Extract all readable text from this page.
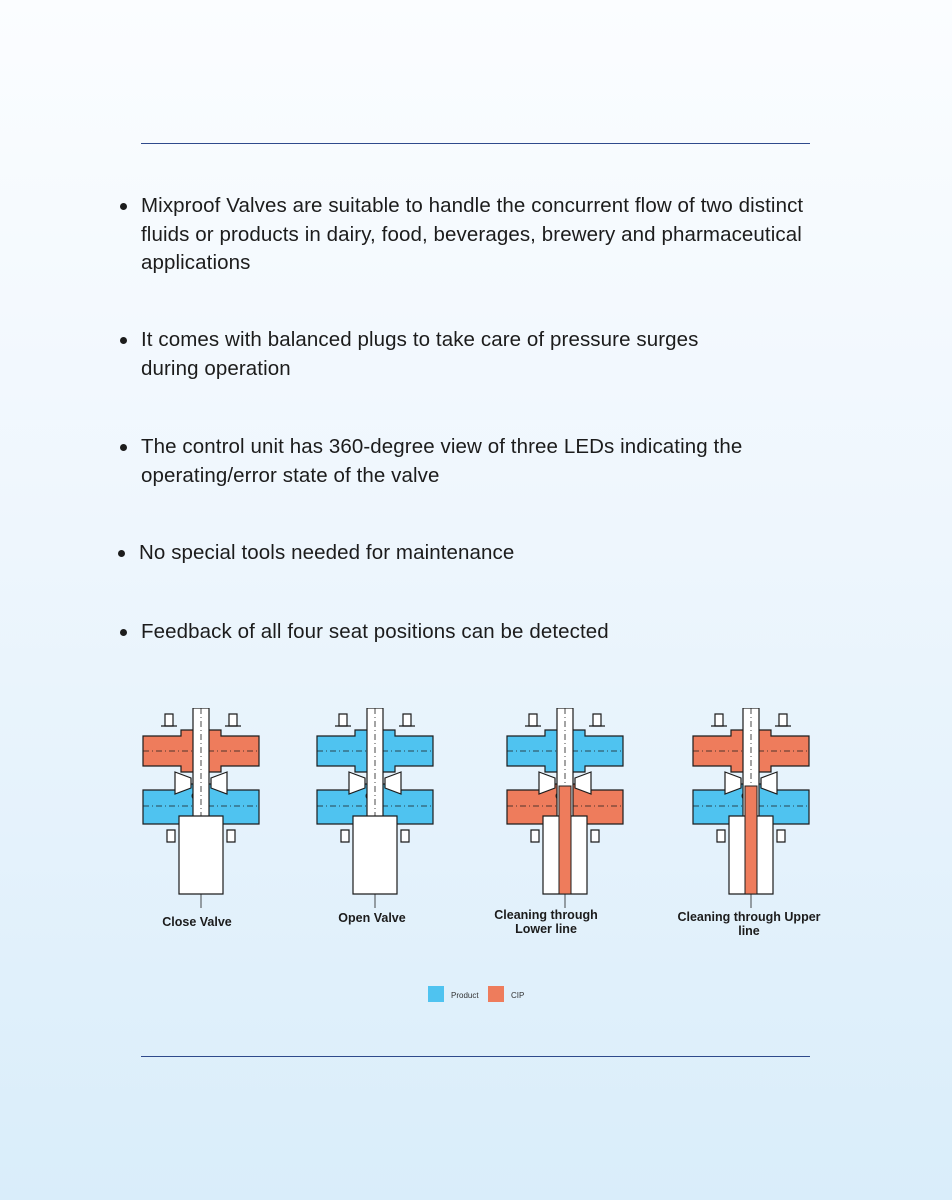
Mixproof Valves are suitable to handle the concurrent flow of two distinct fluids or products in dairy, food, beverages, brewery and pharmaceutical applications
It comes with balanced plugs to take care of pressure surges during operation
The control unit has 360-degree view of three LEDs indicating the operating/error state of the valve
No special tools needed for maintenance
Feedback of all four seat positions can be detected
Close Valve	Open Valve	Cleaning through Lower line
Cleaning through Upper line
Product	CIP
